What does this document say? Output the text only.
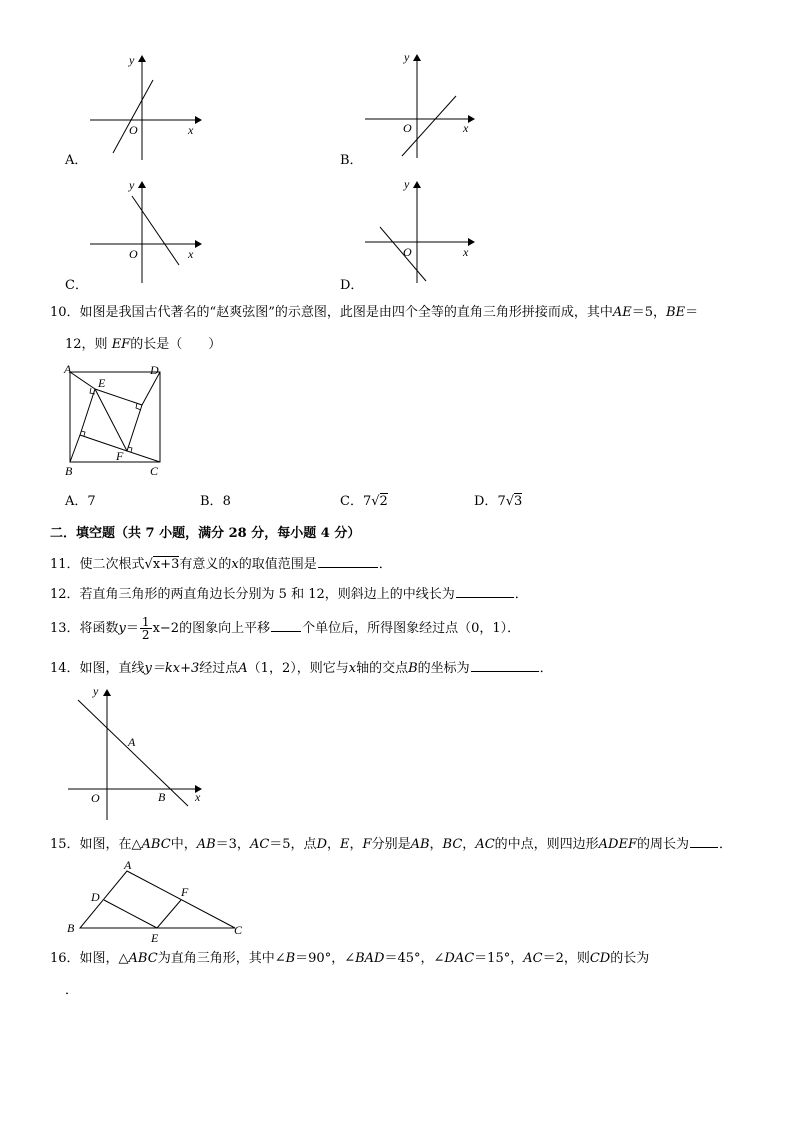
y
x
O
A．
y
x
O
B．
y
x
O
C．
y
x
O
D．
10．如图是我国古代著名的“赵爽弦图”的示意图，此图是由四个全等的直角三角形拼接而成，其中AE＝5，BE＝
12，则 EF的长是（　　）
A	D
E
B
F
C
A．7	B．8	C．7√2	D．7√3
二．填空题（共 7 小题，满分 28 分，每小题 4 分）
11．使二次根式√x+3有意义的x的取值范围是	．
12．若直角三角形的两直角边长分别为 5 和 12，则斜边上的中线长为	．
13．将函数$y= \frac{1}{2} x-2$的图象向上平移 个单位后，所得图象经过点（0，1）．
14．如图，直线y＝kx+3经过点A（1，2），则它与x轴的交点B的坐标为	．
y
x
O
A
B
15．如图，在△ABC中，AB＝3，AC＝5，点D，E，F分别是AB，BC，AC的中点，则四边形ADEF的周长为 ．
A
D	F
B
E
C
16．如图，△ABC为直角三角形，其中∠B＝90°，∠BAD＝45°，∠DAC＝15°，AC＝2，则CD的长为
．
